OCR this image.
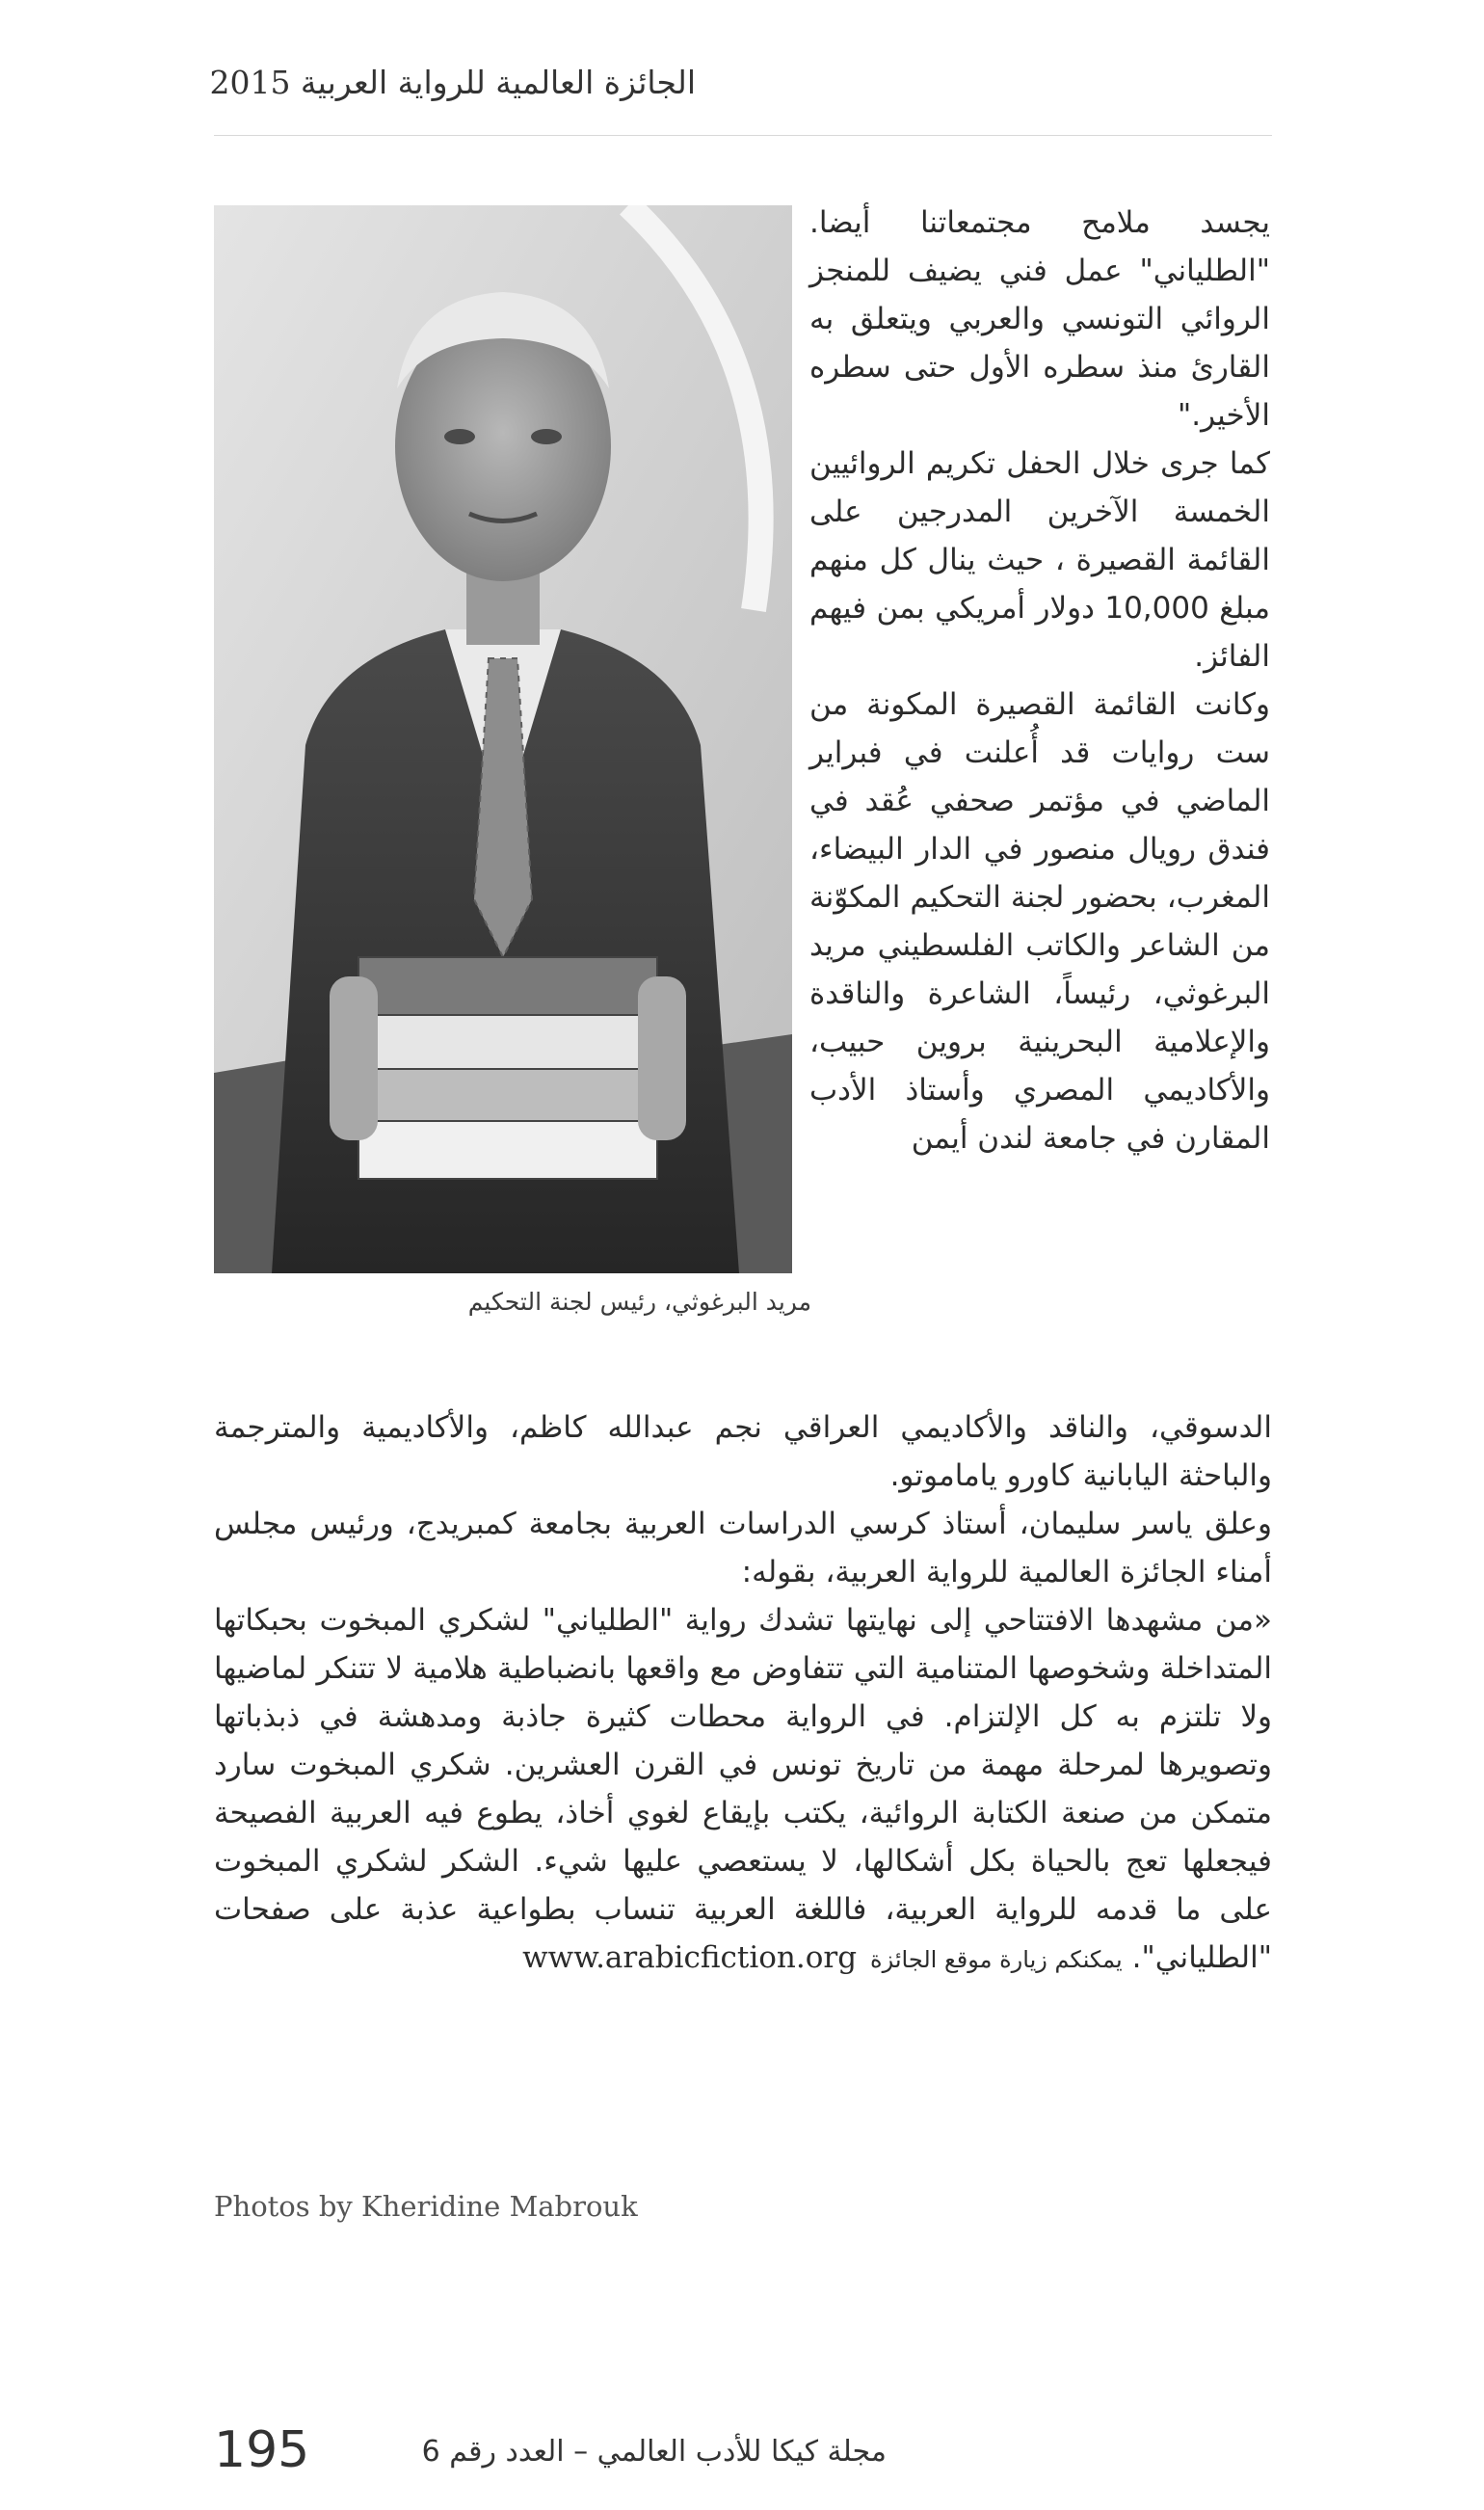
الجائزة العالمية للرواية العربية 2015
مريد البرغوثي، رئيس لجنة التحكيم

يجسد ملامح مجتمعاتنا أيضا. "الطلياني" عمل فني يضيف للمنجز الروائي التونسي والعربي ويتعلق به القارئ منذ سطره الأول حتى سطره الأخير."

كما جرى خلال الحفل تكريم الروائيين الخمسة الآخرين المدرجين على القائمة القصيرة ، حيث ينال كل منهم مبلغ 10,000 دولار أمريكي بمن فيهم الفائز.

وكانت القائمة القصيرة المكونة من ست روايات قد أُعلنت في فبراير الماضي في مؤتمر صحفي عُقد في فندق رويال منصور في الدار البيضاء، المغرب، بحضور لجنة التحكيم المكوّنة من الشاعر والكاتب الفلسطيني مريد البرغوثي، رئيساً، الشاعرة والناقدة والإعلامية البحرينية بروين حبيب، والأكاديمي المصري وأستاذ الأدب المقارن في جامعة لندن أيمن

الدسوقي، والناقد والأكاديمي العراقي نجم عبدالله كاظم، والأكاديمية والمترجمة والباحثة اليابانية كاورو ياماموتو.

وعلق ياسر سليمان، أستاذ كرسي الدراسات العربية بجامعة كمبريدج، ورئيس مجلس أمناء الجائزة العالمية للرواية العربية، بقوله:

«من مشهدها الافتتاحي إلى نهايتها تشدك رواية "الطلياني" لشكري المبخوت بحبكاتها المتداخلة وشخوصها المتنامية التي تتفاوض مع واقعها بانضباطية هلامية لا تتنكر لماضيها ولا تلتزم به كل الإلتزام. في الرواية محطات كثيرة جاذبة ومدهشة في ذبذباتها وتصويرها لمرحلة مهمة من تاريخ تونس في القرن العشرين. شكري المبخوت سارد متمكن من صنعة الكتابة الروائية، يكتب بإيقاع لغوي أخاذ، يطوع فيه العربية الفصيحة فيجعلها تعج بالحياة بكل أشكالها، لا يستعصي عليها شيء. الشكر لشكري المبخوت على ما قدمه للرواية العربية، فاللغة العربية تنساب بطواعية عذبة على صفحات "الطلياني". يمكنكم زيارة موقع الجائزةwww.arabicfiction.org

Photos by Kheridine Mabrouk
195	مجلة كيكا للأدب العالمي – العدد رقم 6
